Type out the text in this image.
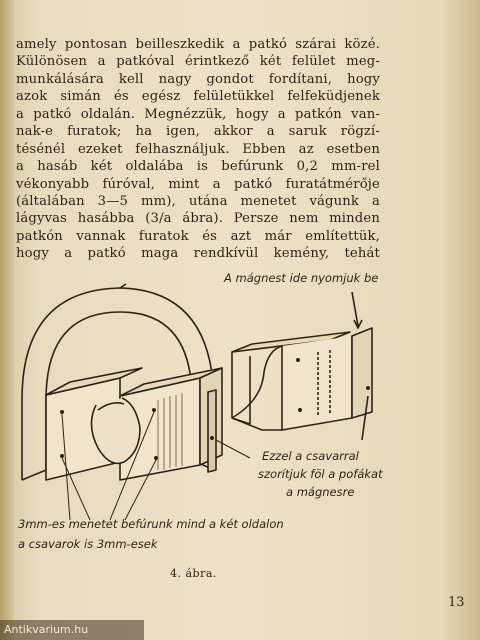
amely pontosan beilleszkedik a patkó szárai közé.
Különösen a patkóval érintkező két felület meg-
munkálására kell nagy gondot fordítani, hogy
azok simán és egész felületükkel felfeküdjenek
a patkó oldalán. Megnézzük, hogy a patkón van-
nak-e furatok; ha igen, akkor a saruk rögzí-
tésénél ezeket felhasználjuk. Ebben az esetben
a hasáb két oldalába is befúrunk 0,2 mm-rel
vékonyabb fúróval, mint a patkó furatátmérője
(általában 3—5 mm), utána menetet vágunk a
lágyvas hasábba (3/a ábra). Persze nem minden
patkón vannak furatok és azt már említettük,
hogy a patkó maga rendkívül kemény, tehát
A mágnest ide nyomjuk be
Ezzel a csavarral
szorítjuk föl a pofákat
a mágnesre
3mm-es menetet befúrunk mind a két oldalon
a csavarok is 3mm-esek
4. ábra.
13
Antikvarium.hu
